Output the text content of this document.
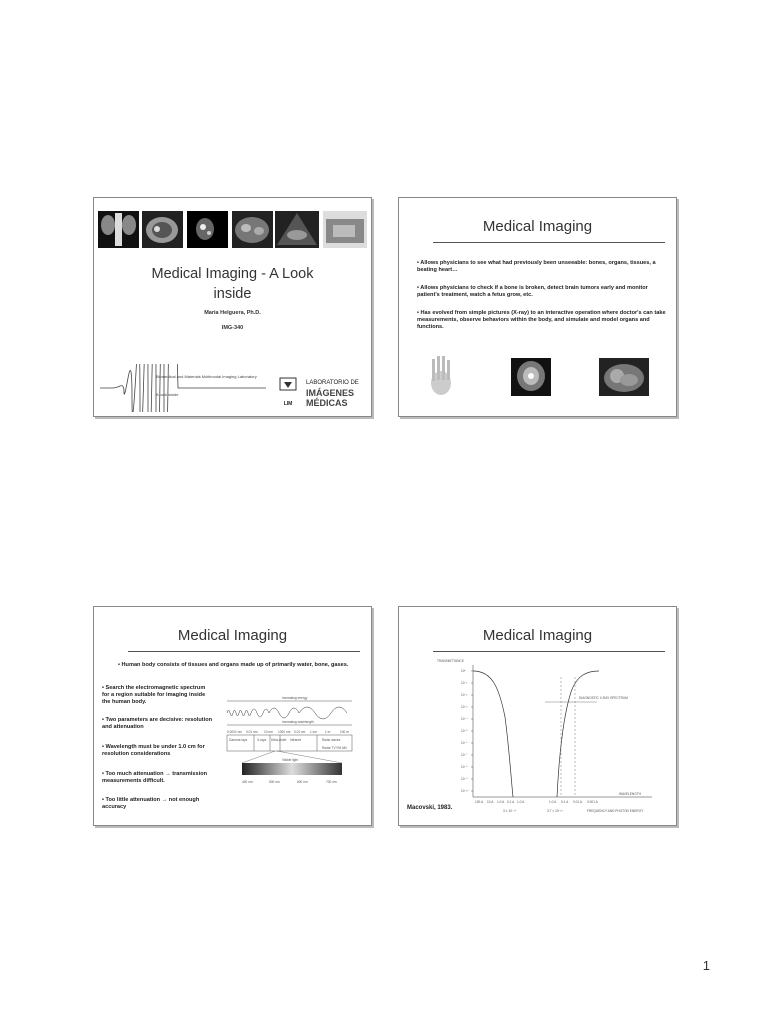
Medical Imaging - A Look inside
Maria Helguera, Ph.D.
IMG-340
Biomedical and Materials Multimodal Imaging Laboratory
A look inside
LIM
LABORATORIO DE
IMÁGENES
MÉDICAS
Medical Imaging
• Allows physicians to see what had previously been unseeable: bones, organs, tissues, a beating heart…
• Allows physicians to check if a bone is broken, detect brain tumors early and monitor patient's treatment, watch a fetus grow, etc.
• Has evolved from simple pictures (X-ray) to an interactive operation where doctor's can take measurements, observe behaviors within the body, and simulate and model organs and functions.
Medical Imaging
• Human body consists of tissues and organs made up of primarily water, bone, gases.
• Search the electromagnetic spectrum for a region suitable for imaging inside the human body.
• Two parameters are decisive: resolution and attenuation
• Wavelength must be under 1.0 cm for resolution considerations
• Too much attenuation → transmission measurements difficult.
• Too little attenuation → not enough accuracy
Increasing energy
Increasing wavelength
0.0001 nm 0.01 nm 10 nm 1000 nm 0.01 cm 1 cm	1 m	100 m
Gamma rays	X-rays Ultra-violet Infrared	Radio waves
Radar TV FM AM
Visible light
400 nm	500 nm	600 nm	700 nm
Medical Imaging
TRANSMITTANCE
10⁰
10⁻¹
10⁻²
10⁻³
10⁻⁴
10⁻⁵
10⁻⁶
10⁻⁷
10⁻⁸
10⁻⁹
10⁻¹⁰
DIAGNOSTIC X-RAY SPECTRUM
100 A 10 A 1.0 A 0.1 A 1.0 A	1.0 A 0.1 A 0.01 A 0.001 A
WAVELENGTH
FREQUENCY AND PHOTON ENERGY
3 × 10⁻¹⁸	3.7 × 10⁻¹⁸
Macovski, 1983.
1
